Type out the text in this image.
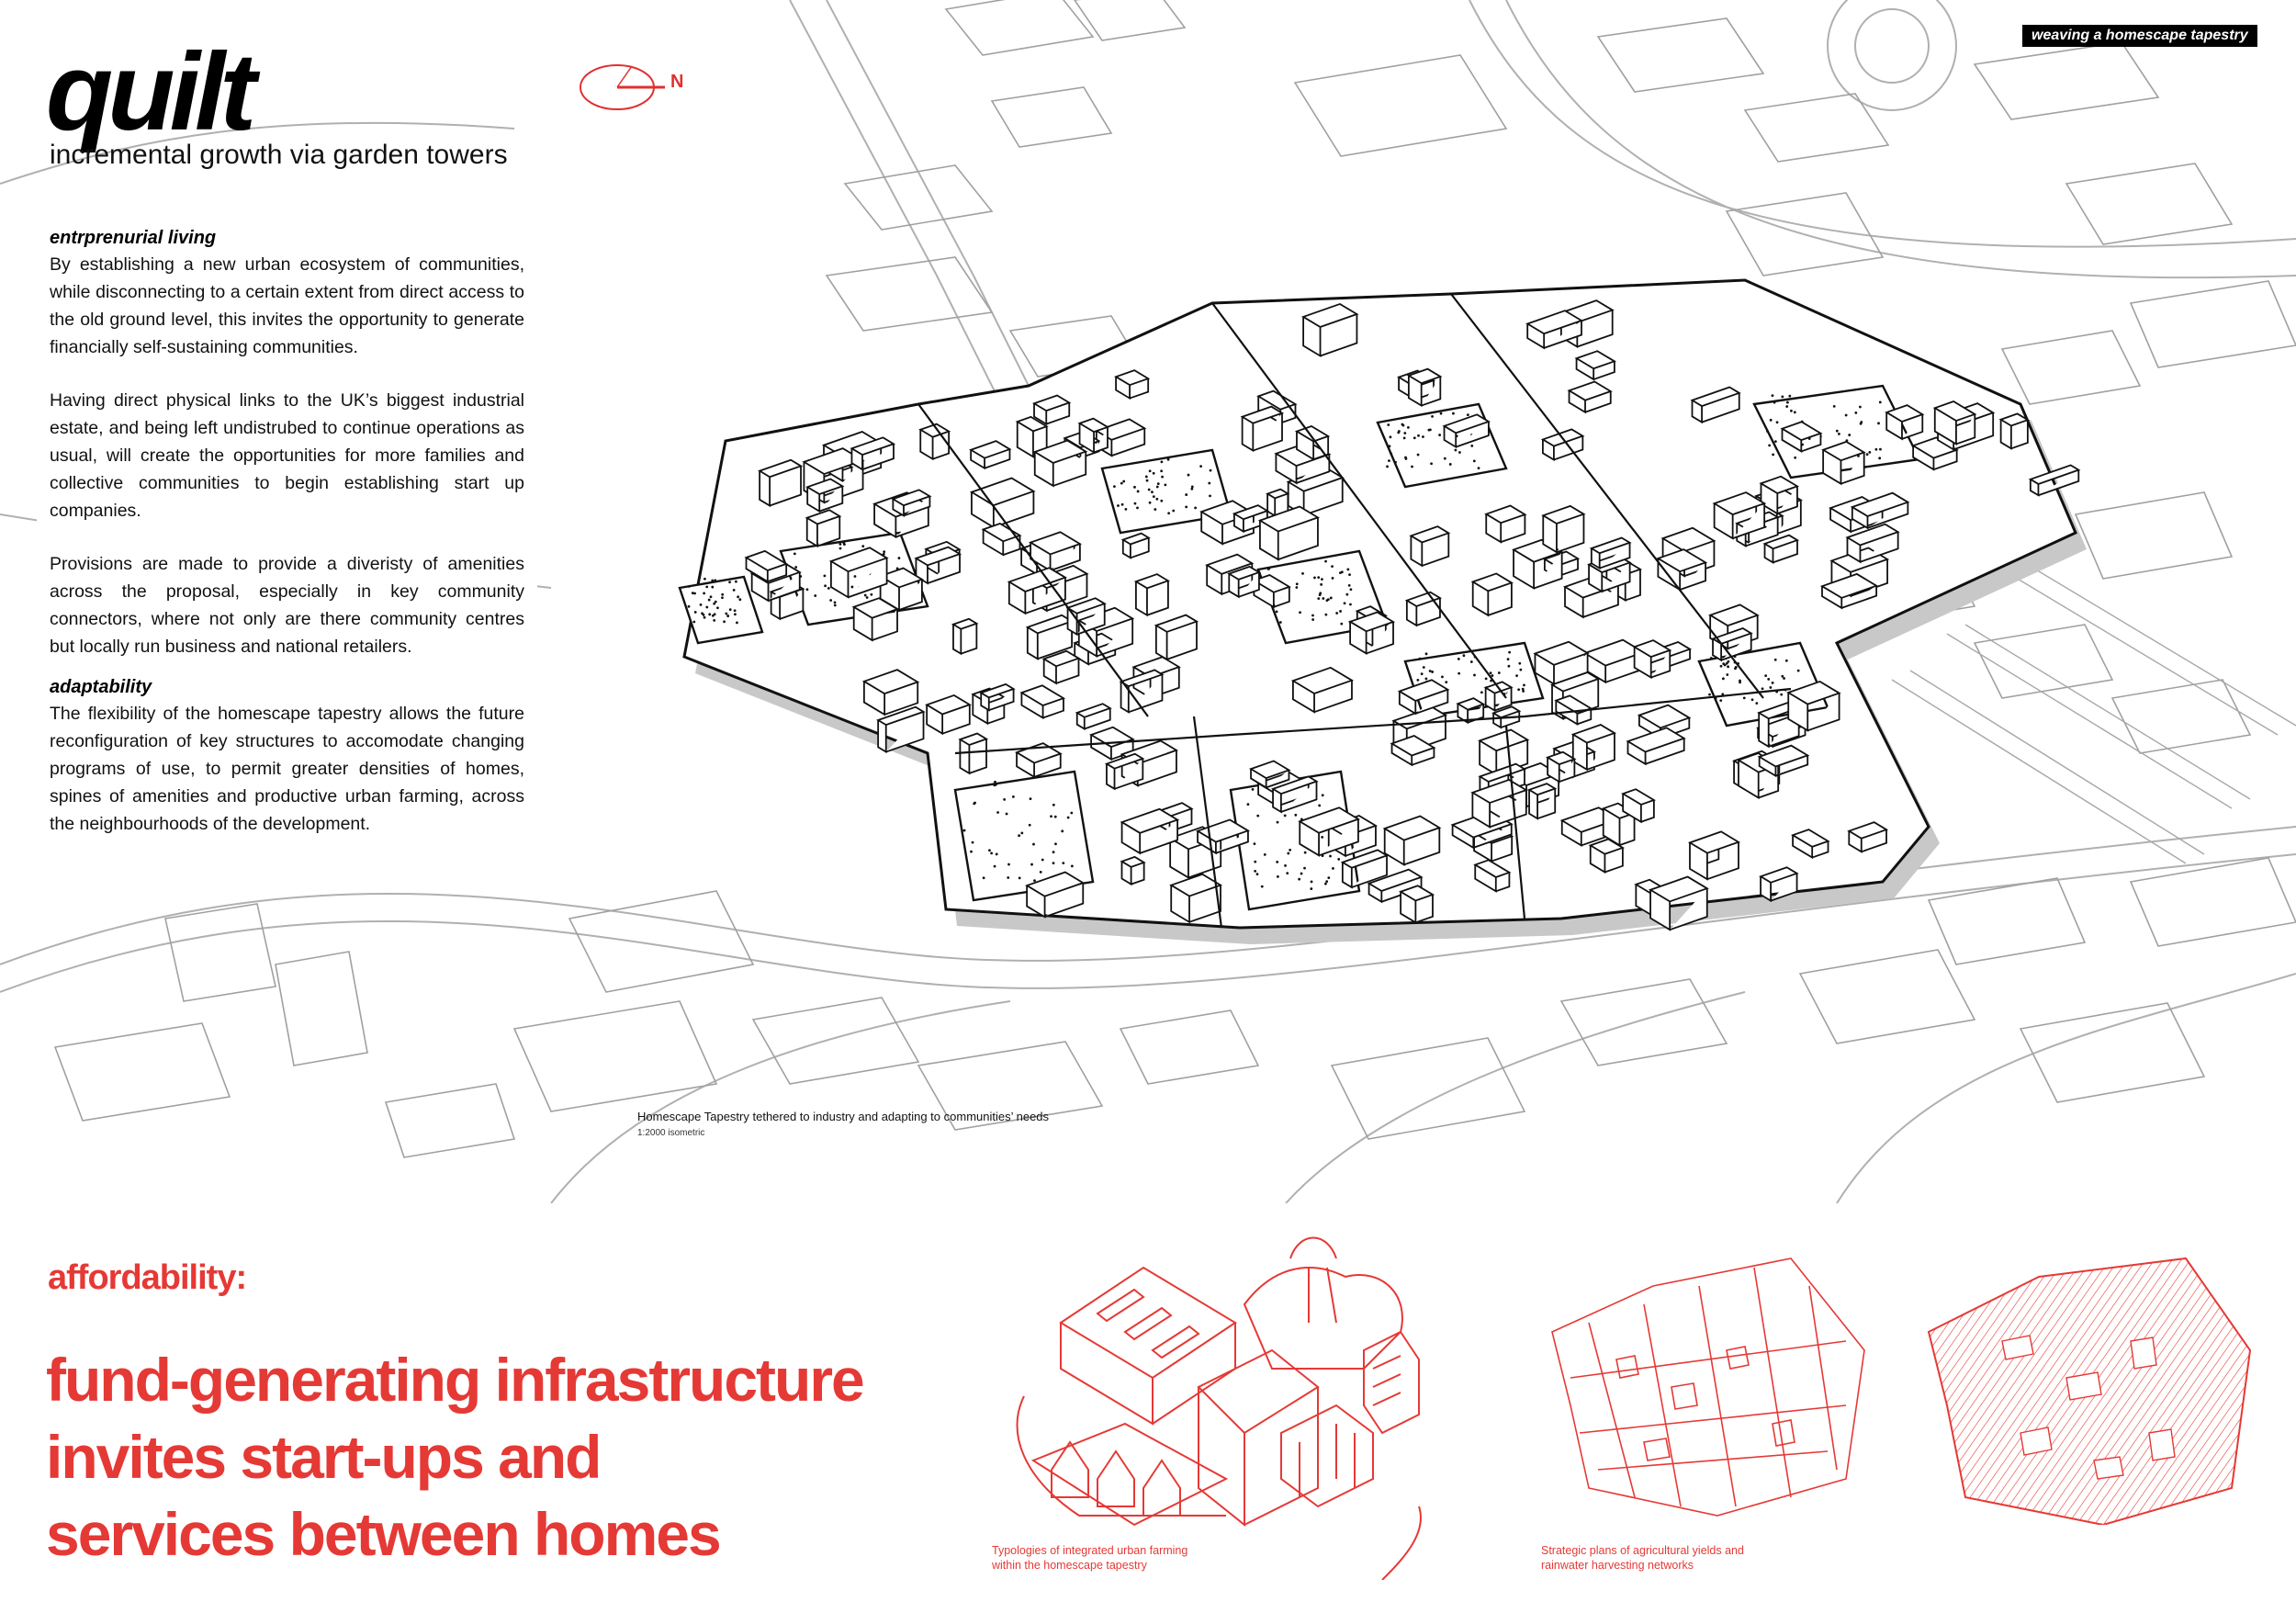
quilt
incremental growth via garden towers
weaving a homescape tapestry
N
entrprenurial living

By establishing a new urban ecosystem of communities, while disconnecting to a certain extent from direct access to the old ground level, this invites the opportunity to generate financially self-sustaining communities.

Having direct physical links to the UK’s biggest industrial estate, and being left undistrubed to continue operations as usual, will create the opportunities for more families and collective communities to begin establishing start up companies.

Provisions are made to provide a diveristy of amenities across the proposal, especially in key community connectors, where not only are there community centres but locally run business and national retailers.

adaptability

The flexibility of the homescape tapestry allows the future reconfiguration of key structures to accomodate changing programs of use, to permit greater densities of homes, spines of amenities and productive urban farming, across the neighbourhoods of the development.

Homescape Tapestry tethered to industry and adapting to communities’ needs
1:2000 isometric
affordability:
fund-generating infrastructure
invites start-ups and
services between homes	Typologies of integrated urban farming
within the homescape tapestry
Strategic plans of agricultural yields and
rainwater harvesting networks
